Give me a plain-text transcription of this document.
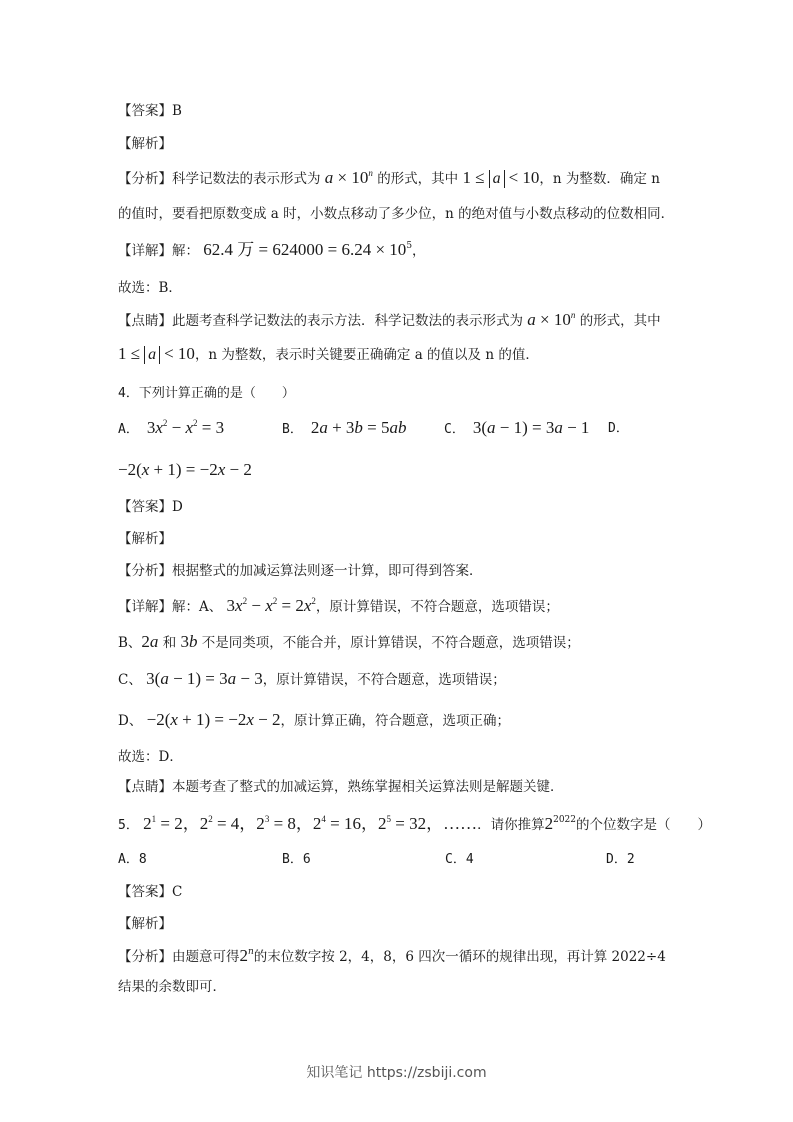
【答案】B
【解析】
【分析】科学记数法的表示形式为 $a \times 10^n$ 的形式，其中 1 ≤ a < 10，n 为整数．确定 n
的值时，要看把原数变成 a 时，小数点移动了多少位，n 的绝对值与小数点移动的位数相同．
【详解】解： 62.4 万 = $624000 = 6.24 \times 10^5$，
故选：B．
【点睛】此题考查科学记数法的表示方法．科学记数法的表示形式为 $a \times 10^n$ 的形式，其中
1 ≤ a < 10，n 为整数，表示时关键要正确确定 a 的值以及 n 的值．
4．下列计算正确的是（　　）
A． $3x^2 - x^2 = 3$	B． 2a + 3b = 5ab	C． 3(a − 1) = 3a − 1 D．
−2(x + 1) = −2x − 2
【答案】D
【解析】
【分析】根据整式的加减运算法则逐一计算，即可得到答案．
【详解】解：A、 $3x^2 - x^2 = 2x^2$，原计算错误，不符合题意，选项错误；
B、2a 和 3b 不是同类项，不能合并，原计算错误，不符合题意，选项错误；
C、 3(a − 1) = 3a − 3，原计算错误，不符合题意，选项错误；
D、 −2(x + 1) = −2x − 2，原计算正确，符合题意，选项正确；
故选：D．
【点睛】本题考查了整式的加减运算，熟练掌握相关运算法则是解题关键．
5． $2^1 = 2$，$2^2 = 4$，$2^3 = 8$，$2^4 = 16$，$2^5 = 32$，……．请你推算$2^{2022}$的个位数字是（　　）
A．8	B．6	C．4	D．2
【答案】C
【解析】
【分析】由题意可得2$^n$的末位数字按 2，4，8，6 四次一循环的规律出现，再计算 2022÷4
结果的余数即可．
知识笔记 https://zsbiji.com
